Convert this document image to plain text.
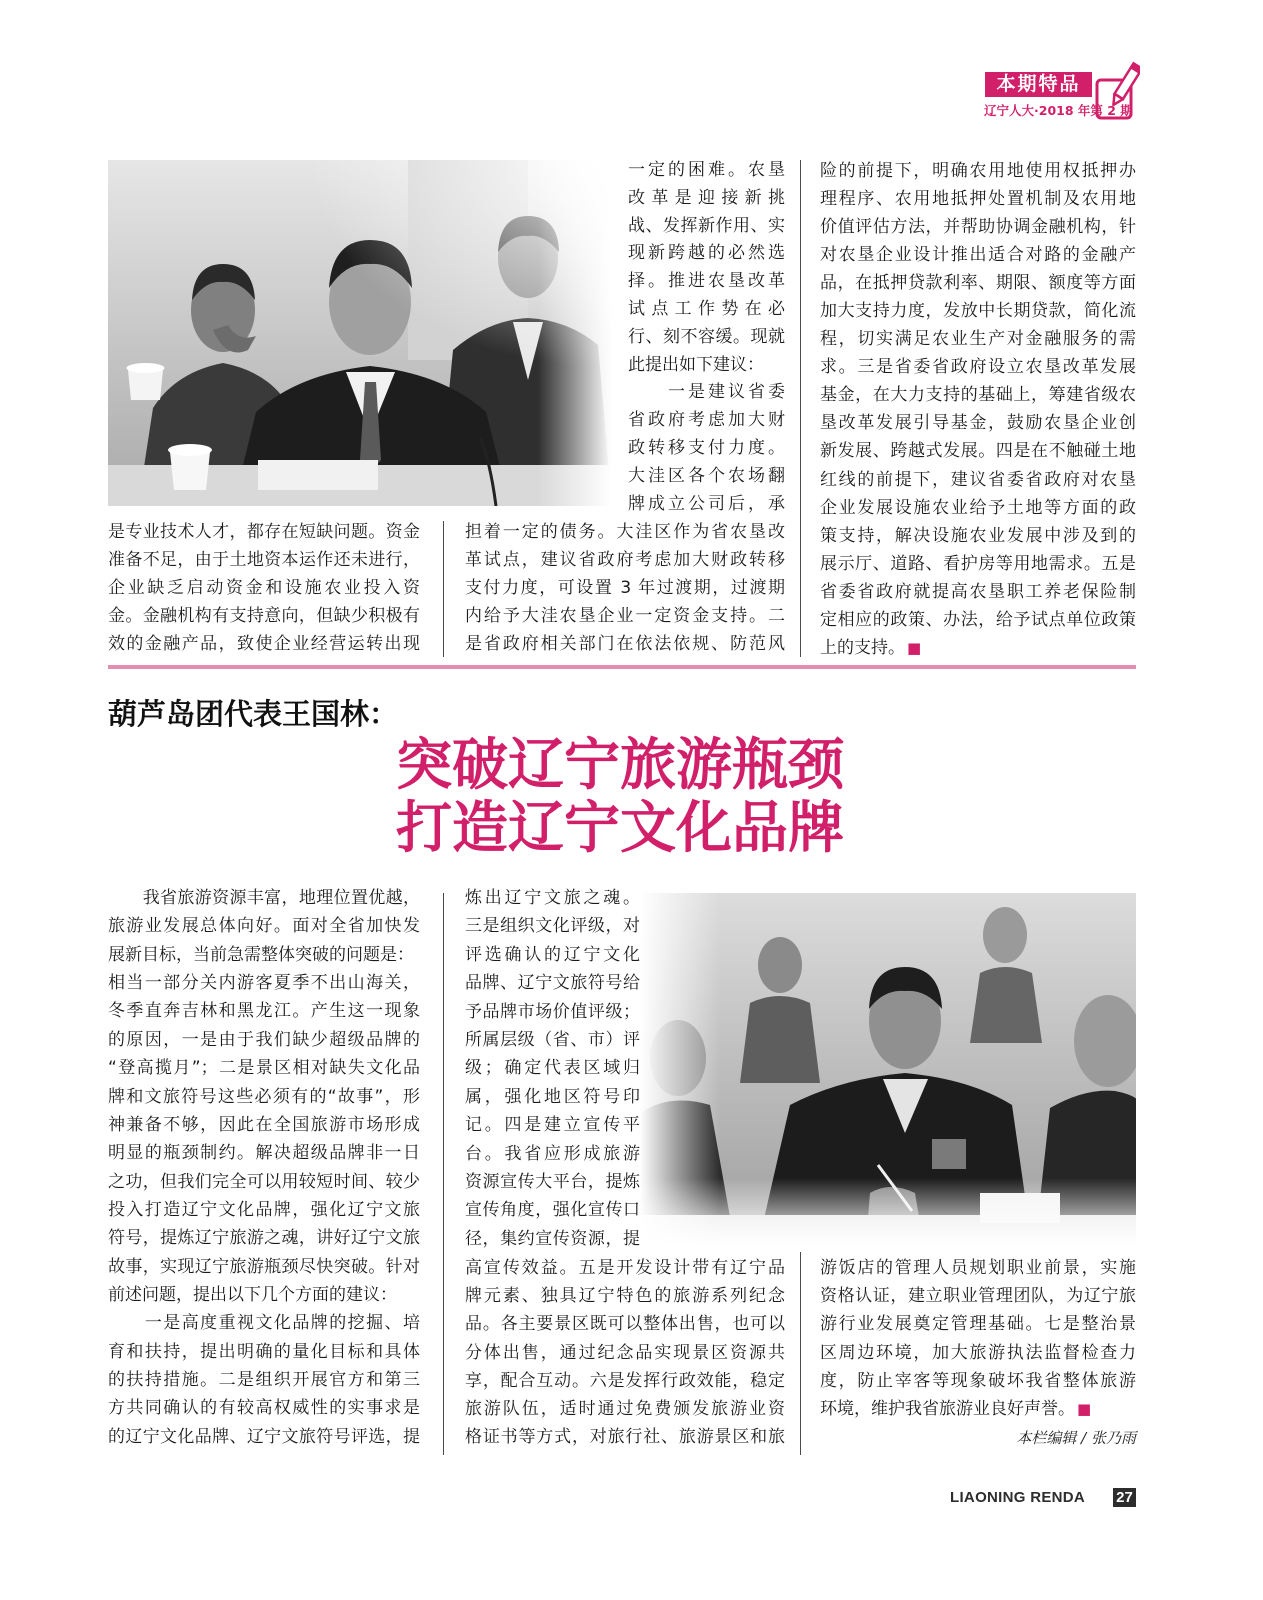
本期特品
辽宁人大·2018 年第 2 期
一定的困难。农垦
改革是迎接新挑
战、发挥新作用、实
现新跨越的必然选
择。推进农垦改革
试点工作势在必
行、刻不容缓。现就
此提出如下建议：
　　一是建议省委
省政府考虑加大财
政转移支付力度。
大洼区各个农场翻
牌成立公司后，承
险的前提下，明确农用地使用权抵押办
理程序、农用地抵押处置机制及农用地
价值评估方法，并帮助协调金融机构，针
对农垦企业设计推出适合对路的金融产
品，在抵押贷款利率、期限、额度等方面
加大支持力度，发放中长期贷款，简化流
程，切实满足农业生产对金融服务的需
求。三是省委省政府设立农垦改革发展
基金，在大力支持的基础上，筹建省级农
垦改革发展引导基金，鼓励农垦企业创
新发展、跨越式发展。四是在不触碰土地
红线的前提下，建议省委省政府对农垦
企业发展设施农业给予土地等方面的政
策支持，解决设施农业发展中涉及到的
展示厅、道路、看护房等用地需求。五是
省委省政府就提高农垦职工养老保险制
定相应的政策、办法，给予试点单位政策
上的支持。 ■
是专业技术人才，都存在短缺问题。资金
准备不足，由于土地资本运作还未进行，
企业缺乏启动资金和设施农业投入资
金。金融机构有支持意向，但缺少积极有
效的金融产品，致使企业经营运转出现
担着一定的债务。大洼区作为省农垦改
革试点，建议省政府考虑加大财政转移
支付力度，可设置 3 年过渡期，过渡期
内给予大洼农垦企业一定资金支持。二
是省政府相关部门在依法依规、防范风
葫芦岛团代表王国林：
突破辽宁旅游瓶颈
打造辽宁文化品牌
　　我省旅游资源丰富，地理位置优越，
旅游业发展总体向好。面对全省加快发
展新目标，当前急需整体突破的问题是：
相当一部分关内游客夏季不出山海关，
冬季直奔吉林和黑龙江。产生这一现象
的原因，一是由于我们缺少超级品牌的
“登高揽月”；二是景区相对缺失文化品
牌和文旅符号这些必须有的“故事”，形
神兼备不够，因此在全国旅游市场形成
明显的瓶颈制约。解决超级品牌非一日
之功，但我们完全可以用较短时间、较少
投入打造辽宁文化品牌，强化辽宁文旅
符号，提炼辽宁旅游之魂，讲好辽宁文旅
故事，实现辽宁旅游瓶颈尽快突破。针对
前述问题，提出以下几个方面的建议：
　　一是高度重视文化品牌的挖掘、培
育和扶持，提出明确的量化目标和具体
的扶持措施。二是组织开展官方和第三
方共同确认的有较高权威性的实事求是
的辽宁文化品牌、辽宁文旅符号评选，提
炼出辽宁文旅之魂。
三是组织文化评级，对
评选确认的辽宁文化
品牌、辽宁文旅符号给
予品牌市场价值评级；
所属层级（省、市）评
级；确定代表区域归
属，强化地区符号印
记。四是建立宣传平
台。我省应形成旅游
资源宣传大平台，提炼
宣传角度，强化宣传口
径，集约宣传资源，提
高宣传效益。五是开发设计带有辽宁品
牌元素、独具辽宁特色的旅游系列纪念
品。各主要景区既可以整体出售，也可以
分体出售，通过纪念品实现景区资源共
享，配合互动。六是发挥行政效能，稳定
旅游队伍，适时通过免费颁发旅游业资
格证书等方式，对旅行社、旅游景区和旅
游饭店的管理人员规划职业前景，实施
资格认证，建立职业管理团队，为辽宁旅
游行业发展奠定管理基础。七是整治景
区周边环境，加大旅游执法监督检查力
度，防止宰客等现象破坏我省整体旅游
环境，维护我省旅游业良好声誉。 ■
本栏编辑 / 张乃雨
LIAONING RENDA 27
